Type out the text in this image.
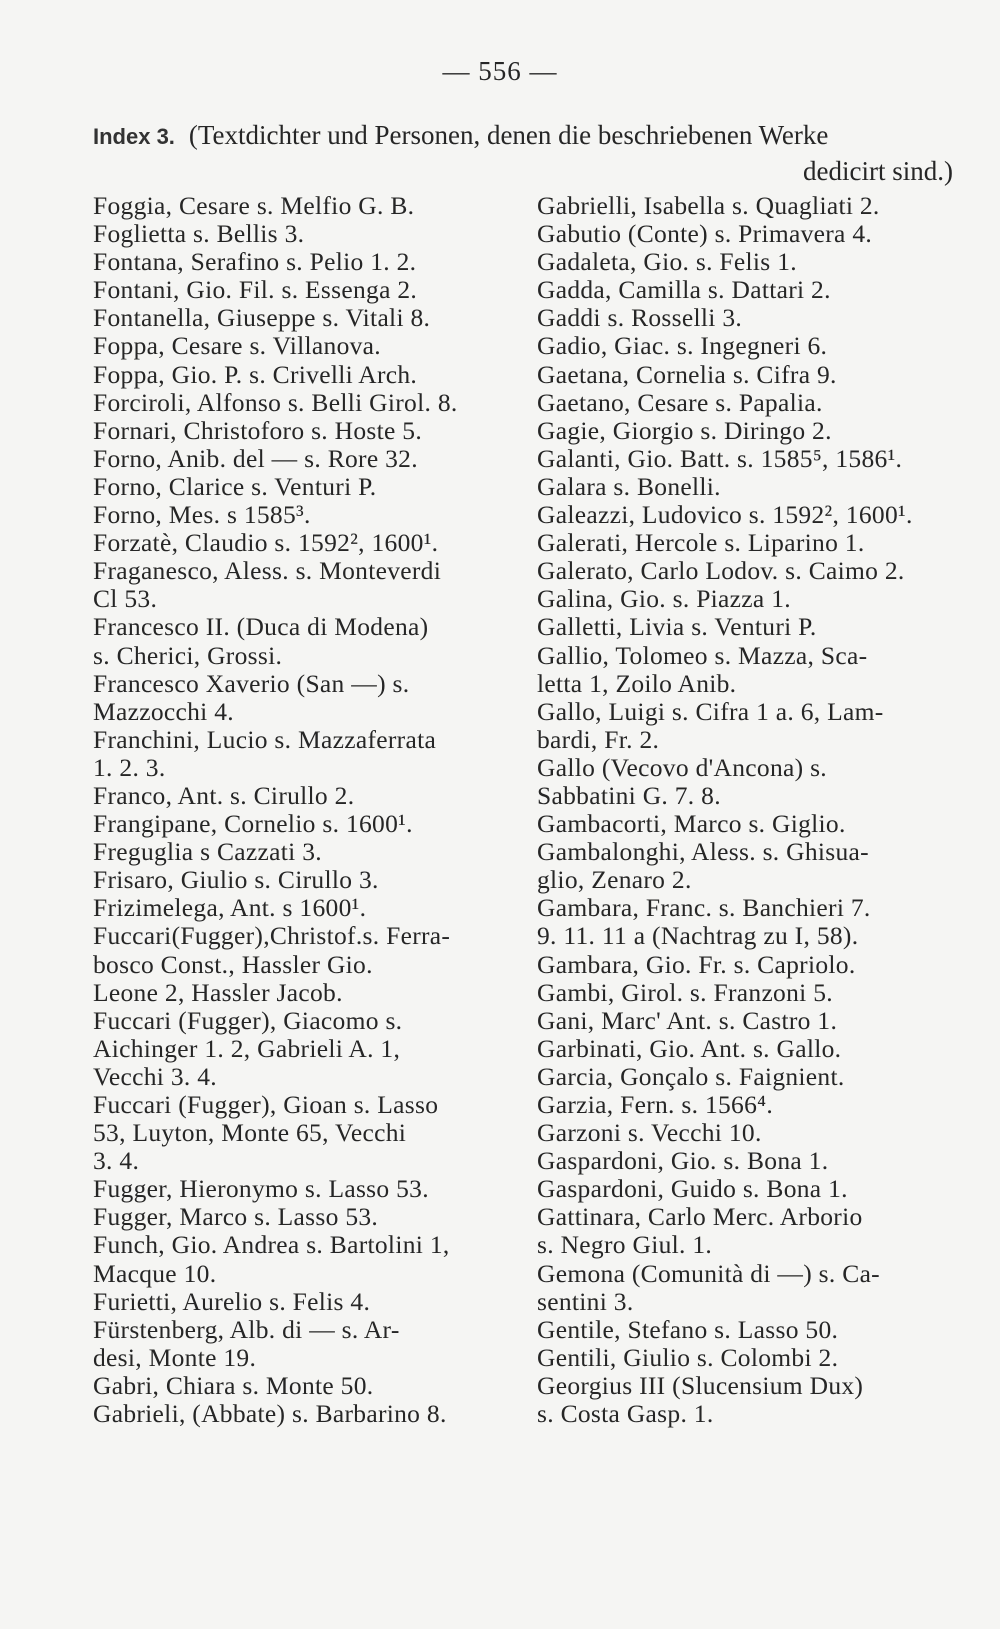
— 556 —
Index 3. (Textdichter und Personen, denen die beschriebenen Werke
dedicirt sind.)
Foggia, Cesare s. Melfio G. B.
Foglietta s. Bellis 3.
Fontana, Serafino s. Pelio 1. 2.
Fontani, Gio. Fil. s. Essenga 2.
Fontanella, Giuseppe s. Vitali 8.
Foppa, Cesare s. Villanova.
Foppa, Gio. P. s. Crivelli Arch.
Forciroli, Alfonso s. Belli Girol. 8.
Fornari, Christoforo s. Hoste 5.
Forno, Anib. del — s. Rore 32.
Forno, Clarice s. Venturi P.
Forno, Mes. s 1585³.
Forzatè, Claudio s. 1592², 1600¹.
Fraganesco, Aless. s. Monteverdi
Cl 53.
Francesco II. (Duca di Modena)
s. Cherici, Grossi.
Francesco Xaverio (San —) s.
Mazzocchi 4.
Franchini, Lucio s. Mazzaferrata
1. 2. 3.
Franco, Ant. s. Cirullo 2.
Frangipane, Cornelio s. 1600¹.
Freguglia s Cazzati 3.
Frisaro, Giulio s. Cirullo 3.
Frizimelega, Ant. s 1600¹.
Fuccari(Fugger),Christof.s. Ferra-
bosco Const., Hassler Gio.
Leone 2, Hassler Jacob.
Fuccari (Fugger), Giacomo s.
Aichinger 1. 2, Gabrieli A. 1,
Vecchi 3. 4.
Fuccari (Fugger), Gioan s. Lasso
53, Luyton, Monte 65, Vecchi
3. 4.
Fugger, Hieronymo s. Lasso 53.
Fugger, Marco s. Lasso 53.
Funch, Gio. Andrea s. Bartolini 1,
Macque 10.
Furietti, Aurelio s. Felis 4.
Fürstenberg, Alb. di — s. Ar-
desi, Monte 19.
Gabri, Chiara s. Monte 50.
Gabrieli, (Abbate) s. Barbarino 8.
Gabrielli, Isabella s. Quagliati 2.
Gabutio (Conte) s. Primavera 4.
Gadaleta, Gio. s. Felis 1.
Gadda, Camilla s. Dattari 2.
Gaddi s. Rosselli 3.
Gadio, Giac. s. Ingegneri 6.
Gaetana, Cornelia s. Cifra 9.
Gaetano, Cesare s. Papalia.
Gagie, Giorgio s. Diringo 2.
Galanti, Gio. Batt. s. 1585⁵, 1586¹.
Galara s. Bonelli.
Galeazzi, Ludovico s. 1592², 1600¹.
Galerati, Hercole s. Liparino 1.
Galerato, Carlo Lodov. s. Caimo 2.
Galina, Gio. s. Piazza 1.
Galletti, Livia s. Venturi P.
Gallio, Tolomeo s. Mazza, Sca-
letta 1, Zoilo Anib.
Gallo, Luigi s. Cifra 1 a. 6, Lam-
bardi, Fr. 2.
Gallo (Vecovo d'Ancona) s.
Sabbatini G. 7. 8.
Gambacorti, Marco s. Giglio.
Gambalonghi, Aless. s. Ghisua-
glio, Zenaro 2.
Gambara, Franc. s. Banchieri 7.
9. 11. 11 a (Nachtrag zu I, 58).
Gambara, Gio. Fr. s. Capriolo.
Gambi, Girol. s. Franzoni 5.
Gani, Marc' Ant. s. Castro 1.
Garbinati, Gio. Ant. s. Gallo.
Garcia, Gonçalo s. Faignient.
Garzia, Fern. s. 1566⁴.
Garzoni s. Vecchi 10.
Gaspardoni, Gio. s. Bona 1.
Gaspardoni, Guido s. Bona 1.
Gattinara, Carlo Merc. Arborio
s. Negro Giul. 1.
Gemona (Comunità di —) s. Ca-
sentini 3.
Gentile, Stefano s. Lasso 50.
Gentili, Giulio s. Colombi 2.
Georgius III (Slucensium Dux)
s. Costa Gasp. 1.
